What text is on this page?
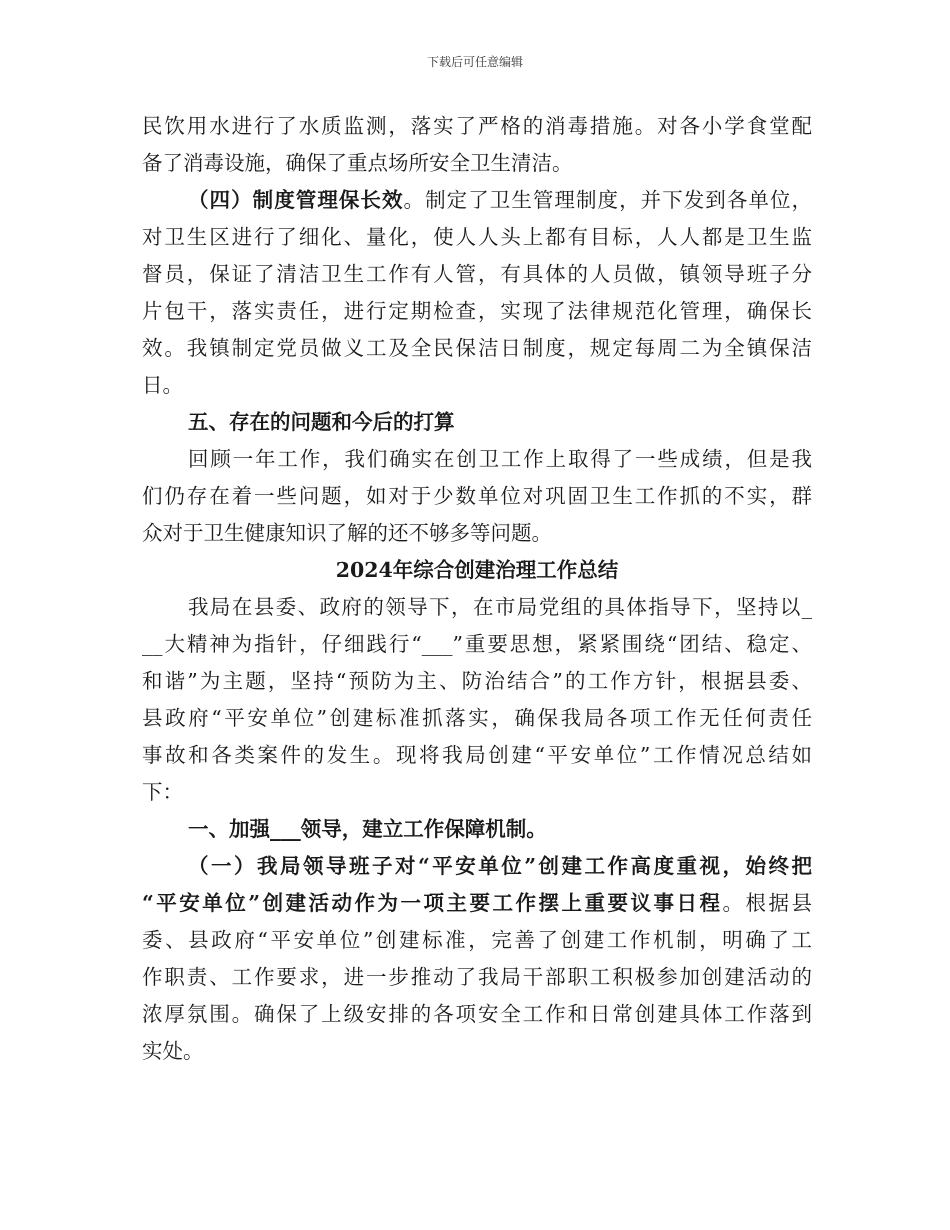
下载后可任意编辑
民饮用水进行了水质监测，落实了严格的消毒措施。对各小学食堂配
备了消毒设施，确保了重点场所安全卫生清洁。
（四）制度管理保长效。制定了卫生管理制度，并下发到各单位，
对卫生区进行了细化、量化，使人人头上都有目标，人人都是卫生监
督员，保证了清洁卫生工作有人管，有具体的人员做，镇领导班子分
片包干，落实责任，进行定期检查，实现了法律规范化管理，确保长
效。我镇制定党员做义工及全民保洁日制度，规定每周二为全镇保洁
日。
五、存在的问题和今后的打算
回顾一年工作，我们确实在创卫工作上取得了一些成绩，但是我
们仍存在着一些问题，如对于少数单位对巩固卫生工作抓的不实，群
众对于卫生健康知识了解的还不够多等问题。
2024年综合创建治理工作总结
我局在县委、政府的领导下，在市局党组的具体指导下，坚持以_
__大精神为指针，仔细践行“___”重要思想，紧紧围绕“团结、稳定、
和谐”为主题，坚持“预防为主、防治结合”的工作方针，根据县委、
县政府“平安单位”创建标准抓落实，确保我局各项工作无任何责任
事故和各类案件的发生。现将我局创建“平安单位”工作情况总结如
下：
一、加强___领导，建立工作保障机制。
（一）我局领导班子对“平安单位”创建工作高度重视，始终把
“平安单位”创建活动作为一项主要工作摆上重要议事日程。根据县
委、县政府“平安单位”创建标准，完善了创建工作机制，明确了工
作职责、工作要求，进一步推动了我局干部职工积极参加创建活动的
浓厚氛围。确保了上级安排的各项安全工作和日常创建具体工作落到
实处。
